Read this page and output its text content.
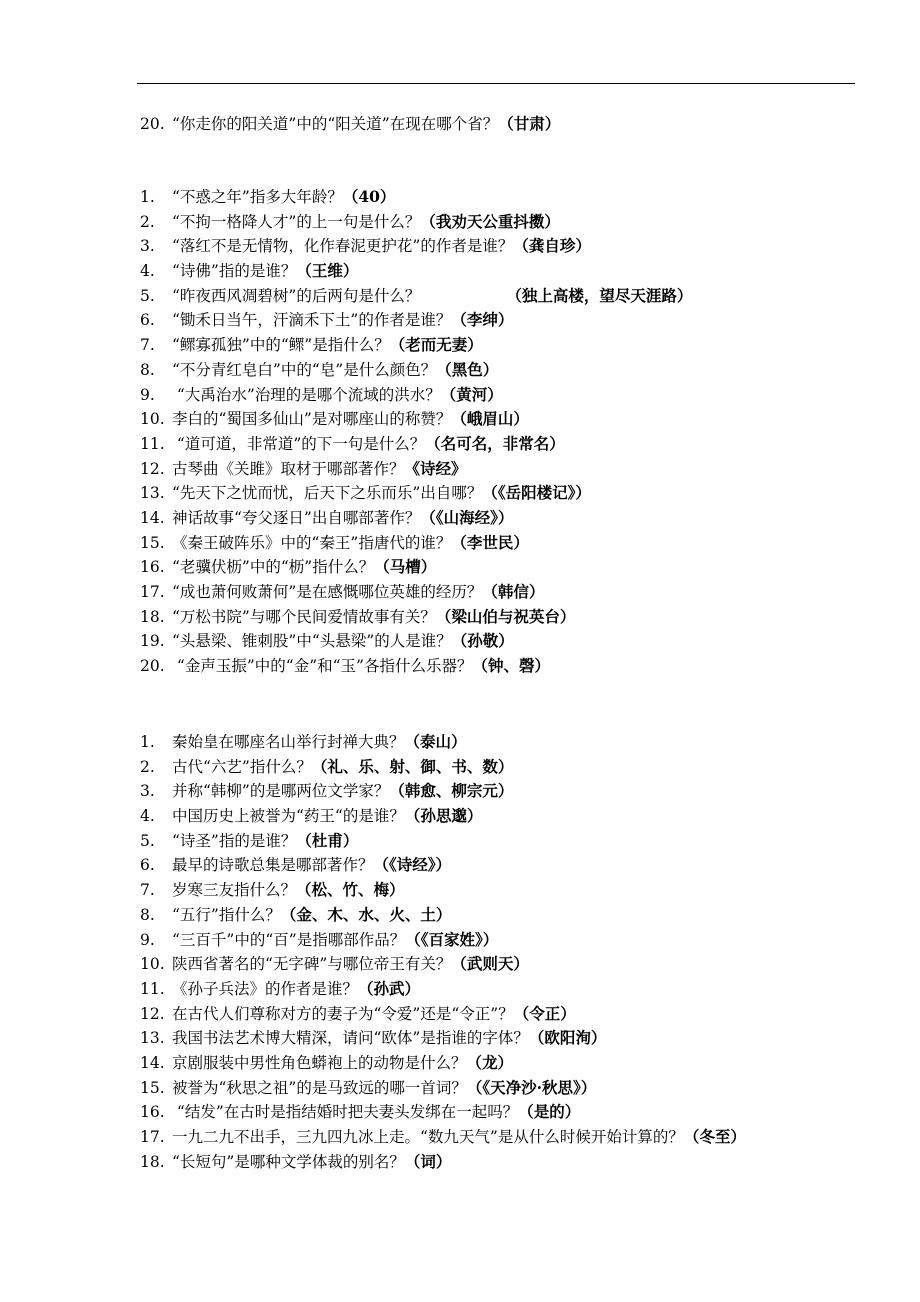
20. “你走你的阳关道”中的“阳关道”在现在哪个省？（甘肃）
1. “不惑之年”指多大年龄？（40）
2. “不拘一格降人才”的上一句是什么？（我劝天公重抖擞）
3. “落红不是无情物，化作春泥更护花”的作者是谁？（龚自珍）
4. “诗佛”指的是谁？（王维）
5. “昨夜西风凋碧树”的后两句是什么？	（独上高楼，望尽天涯路）
6. “锄禾日当午，汗滴禾下土”的作者是谁？（李绅）
7. “鳏寡孤独”中的“鳏”是指什么？（老而无妻）
8. “不分青红皂白”中的“皂”是什么颜色？（黑色）
9. “大禹治水”治理的是哪个流域的洪水？（黄河）
10. 李白的“蜀国多仙山”是对哪座山的称赞？（峨眉山）
11. “道可道，非常道”的下一句是什么？（名可名，非常名）
12. 古琴曲《关雎》取材于哪部著作？《诗经》
13. “先天下之忧而忧，后天下之乐而乐”出自哪？（《岳阳楼记》）
14. 神话故事“夸父逐日”出自哪部著作？（《山海经》）
15. 《秦王破阵乐》中的“秦王”指唐代的谁？（李世民）
16. “老骥伏枥”中的“枥”指什么？（马槽）
17. “成也萧何败萧何”是在感慨哪位英雄的经历？（韩信）
18. “万松书院”与哪个民间爱情故事有关？（梁山伯与祝英台）
19. “头悬梁、锥刺股”中“头悬梁”的人是谁？（孙敬）
20. “金声玉振”中的“金”和“玉”各指什么乐器？（钟、磬）
1. 秦始皇在哪座名山举行封禅大典？（泰山）
2. 古代“六艺”指什么？（礼、乐、射、御、书、数）
3. 并称“韩柳”的是哪两位文学家？（韩愈、柳宗元）
4. 中国历史上被誉为“药王“的是谁？（孙思邈）
5. “诗圣”指的是谁？（杜甫）
6. 最早的诗歌总集是哪部著作？（《诗经》）
7. 岁寒三友指什么？（松、竹、梅）
8. “五行”指什么？（金、木、水、火、土）
9. “三百千”中的“百”是指哪部作品？（《百家姓》）
10. 陕西省著名的“无字碑”与哪位帝王有关？（武则天）
11. 《孙子兵法》的作者是谁？（孙武）
12. 在古代人们尊称对方的妻子为“令爱”还是“令正”？（令正）
13. 我国书法艺术博大精深，请问“欧体”是指谁的字体？（欧阳洵）
14. 京剧服装中男性角色蟒袍上的动物是什么？（龙）
15. 被誉为“秋思之祖”的是马致远的哪一首词？（《天净沙·秋思》）
16. “结发”在古时是指结婚时把夫妻头发绑在一起吗？（是的）
17. 一九二九不出手，三九四九冰上走。“数九天气”是从什么时候开始计算的？（冬至）
18. “长短句”是哪种文学体裁的别名？（词）
